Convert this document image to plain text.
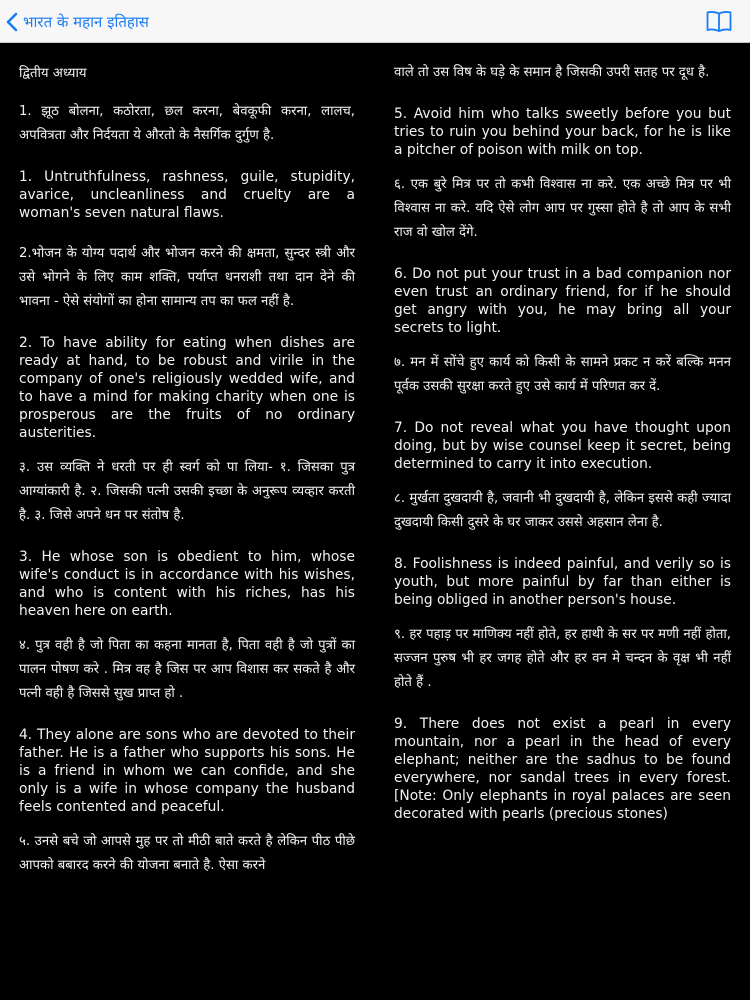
भारत के महान इतिहास

द्वितीय अध्याय

1. झूठ बोलना, कठोरता, छल करना, बेवकूफी करना, लालच, अपवित्रता और निर्दयता ये औरतो के नैसर्गिक दुर्गुण है.

1. Untruthfulness, rashness, guile, stupidity, avarice, uncleanliness and cruelty are a woman's seven natural flaws.

2.भोजन के योग्य पदार्थ और भोजन करने की क्षमता, सुन्दर स्त्री और उसे भोगने के लिए काम शक्ति, पर्याप्त धनराशी तथा दान देने की भावना - ऐसे संयोगों का होना सामान्य तप का फल नहीं है.

2. To have ability for eating when dishes are ready at hand, to be robust and virile in the company of one's religiously wedded wife, and to have a mind for making charity when one is prosperous are the fruits of no ordinary austerities.

३. उस व्यक्ति ने धरती पर ही स्वर्ग को पा लिया- १. जिसका पुत्र आग्यांकारी है. २. जिसकी पत्नी उसकी इच्छा के अनुरूप व्यव्हार करती है. ३. जिसे अपने धन पर संतोष है.

3. He whose son is obedient to him, whose wife's conduct is in accordance with his wishes, and who is content with his riches, has his heaven here on earth.

४. पुत्र वही है जो पिता का कहना मानता है, पिता वही है जो पुत्रों का पालन पोषण करे . मित्र वह है जिस पर आप विशास कर सकते है और पत्नी वही है जिससे सुख प्राप्त हो .

4. They alone are sons who are devoted to their father. He is a father who supports his sons. He is a friend in whom we can confide, and she only is a wife in whose company the husband feels contented and peaceful.

५. उनसे बचे जो आपसे मुह पर तो मीठी बाते करते है लेकिन पीठ पीछे आपको बबारद करने की योजना बनाते है. ऐसा करने

वाले तो उस विष के घड़े के समान है जिसकी उपरी सतह पर दूध है.

5. Avoid him who talks sweetly before you but tries to ruin you behind your back, for he is like a pitcher of poison with milk on top.

६. एक बुरे मित्र पर तो कभी विश्वास ना करे. एक अच्छे मित्र पर भी विश्वास ना करे. यदि ऐसे लोग आप पर गुस्सा होते है तो आप के सभी राज वो खोल देंगे.

6. Do not put your trust in a bad companion nor even trust an ordinary friend, for if he should get angry with you, he may bring all your secrets to light.

७. मन में सोंचे हुए कार्य को किसी के सामने प्रकट न करें बल्कि मनन पूर्वक उसकी सुरक्षा करते हुए उसे कार्य में परिणत कर दें.

7. Do not reveal what you have thought upon doing, but by wise counsel keep it secret, being determined to carry it into execution.

८. मुर्खता दुखदायी है, जवानी भी दुखदायी है, लेकिन इससे कही ज्यादा दुखदायी किसी दुसरे के घर जाकर उससे अहसान लेना है.

8. Foolishness is indeed painful, and verily so is youth, but more painful by far than either is being obliged in another person's house.

९. हर पहाड़ पर माणिक्य नहीं होते, हर हाथी के सर पर मणी नहीं होता, सज्जन पुरुष भी हर जगह होते और हर वन मे चन्दन के वृक्ष भी नहीं होते हैं .

9. There does not exist a pearl in every mountain, nor a pearl in the head of every elephant; neither are the sadhus to be found everywhere, nor sandal trees in every forest. [Note: Only elephants in royal palaces are seen decorated with pearls (precious stones)
